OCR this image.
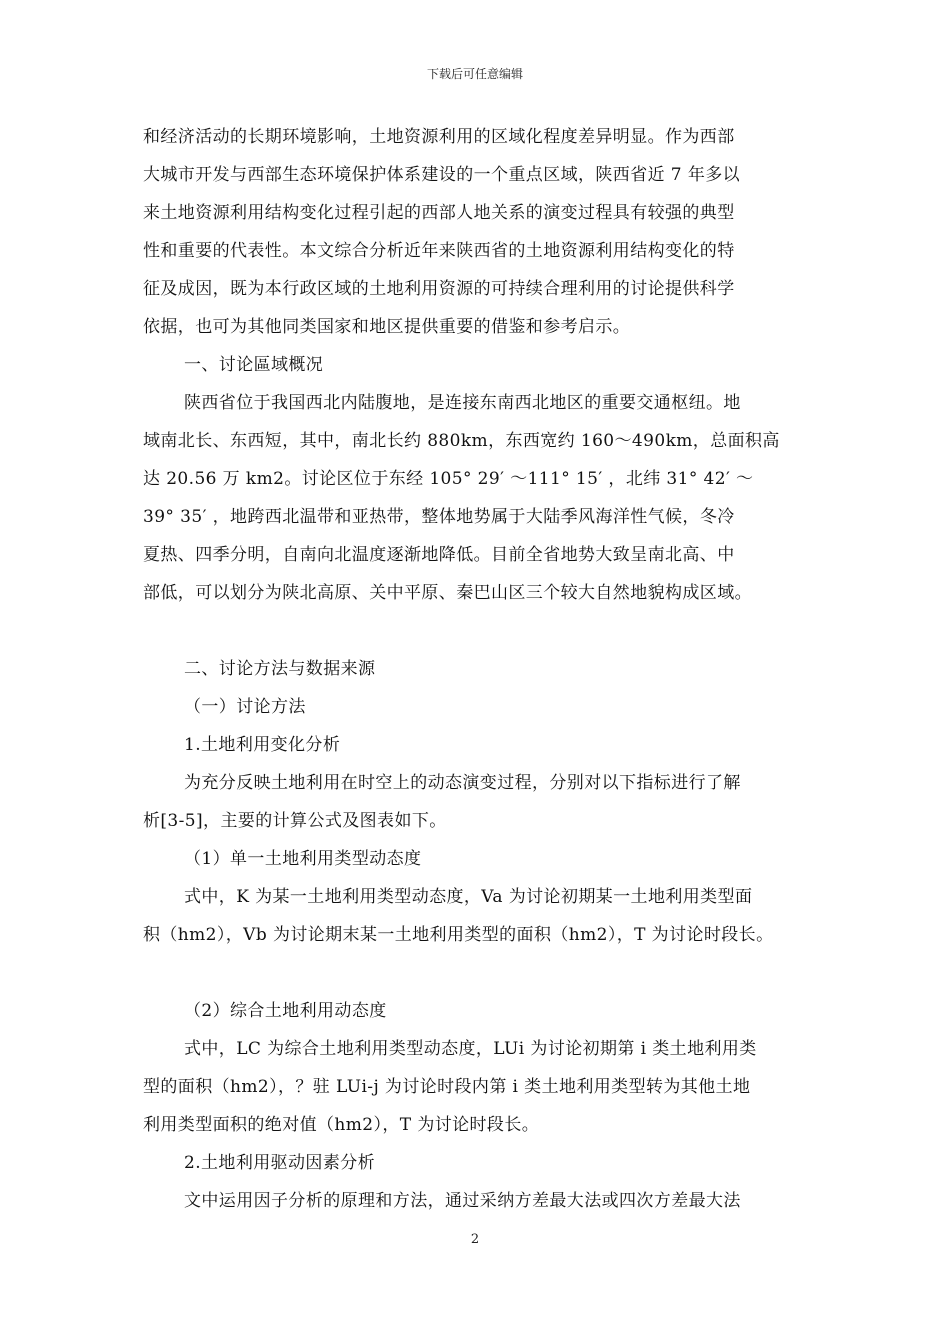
下载后可任意编辑
和经济活动的长期环境影响，土地资源利用的区域化程度差异明显。作为西部
大城市开发与西部生态环境保护体系建设的一个重点区域，陕西省近 7 年多以
来土地资源利用结构变化过程引起的西部人地关系的演变过程具有较强的典型
性和重要的代表性。本文综合分析近年来陕西省的土地资源利用结构变化的特
征及成因，既为本行政区域的土地利用资源的可持续合理利用的讨论提供科学
依据，也可为其他同类国家和地区提供重要的借鉴和参考启示。
一、讨论區域概况
陕西省位于我国西北内陆腹地，是连接东南西北地区的重要交通枢纽。地
域南北长、东西短，其中，南北长约 880km，东西宽约 160～490km，总面积高
达 20.56 万 km2。讨论区位于东经 105° 29′ ～111° 15′ ，北纬 31° 42′ ～
39° 35′ ，地跨西北温带和亚热带，整体地势属于大陆季风海洋性气候，冬冷
夏热、四季分明，自南向北温度逐渐地降低。目前全省地势大致呈南北高、中
部低，可以划分为陕北高原、关中平原、秦巴山区三个较大自然地貌构成区域。
二、讨论方法与数据来源
（一）讨论方法
1.土地利用变化分析
为充分反映土地利用在时空上的动态演变过程，分别对以下指标进行了解
析[3-5]，主要的计算公式及图表如下。
（1）单一土地利用类型动态度
式中，K 为某一土地利用类型动态度，Va 为讨论初期某一土地利用类型面
积（hm2），Vb 为讨论期末某一土地利用类型的面积（hm2），T 为讨论时段长。
（2）综合土地利用动态度
式中，LC 为综合土地利用类型动态度，LUi 为讨论初期第 i 类土地利用类
型的面积（hm2），？驻 LUi-j 为讨论时段内第 i 类土地利用类型转为其他土地
利用类型面积的绝对值（hm2），T 为讨论时段长。
2.土地利用驱动因素分析
文中运用因子分析的原理和方法，通过采纳方差最大法或四次方差最大法
2
